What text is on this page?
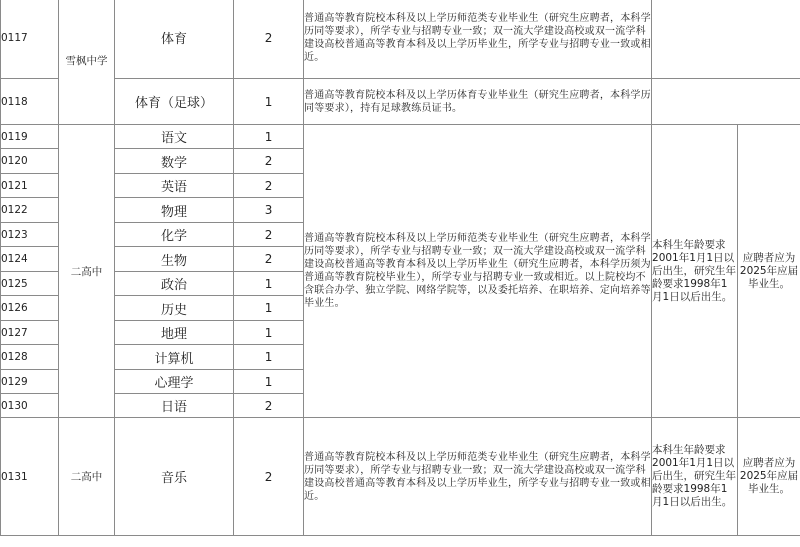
0117	雪枫中学	体育	2	普通高等教育院校本科及以上学历师范类专业毕业生（研究生应聘者，本科学历同等要求），所学专业与招聘专业一致；双一流大学建设高校或双一流学科建设高校普通高等教育本科及以上学历毕业生，所学专业与招聘专业一致或相近。		

0118		体育（足球）	1	普通高等教育院校本科及以上学历体育专业毕业生（研究生应聘者，本科学历同等要求），持有足球教练员证书。		

0119	二高中	语文	1	普通高等教育院校本科及以上学历师范类专业毕业生（研究生应聘者，本科学历同等要求），所学专业与招聘专业一致；双一流大学建设高校或双一流学科建设高校普通高等教育本科及以上学历毕业生（研究生应聘者，本科学历须为普通高等教育院校毕业生），所学专业与招聘专业一致或相近。以上院校均不含联合办学、独立学院、网络学院等，以及委托培养、在职培养、定向培养等毕业生。	本科生年龄要求2001年1月1日以后出生，研究生年龄要求1998年1月1日以后出生。	应聘者应为2025年应届毕业生。
0120		数学	2			
0121		英语	2			
0122		物理	3			
0123		化学	2			
0124		生物	2			
0125		政治	1			
0126		历史	1			
0127		地理	1			
0128		计算机	1			
0129		心理学	1			
0130		日语	2			
0131	二高中	音乐	2	普通高等教育院校本科及以上学历师范类专业毕业生（研究生应聘者，本科学历同等要求），所学专业与招聘专业一致；双一流大学建设高校或双一流学科建设高校普通高等教育本科及以上学历毕业生，所学专业与招聘专业一致或相近。	本科生年龄要求2001年1月1日以后出生，研究生年龄要求1998年1月1日以后出生。	应聘者应为2025年应届毕业生。
